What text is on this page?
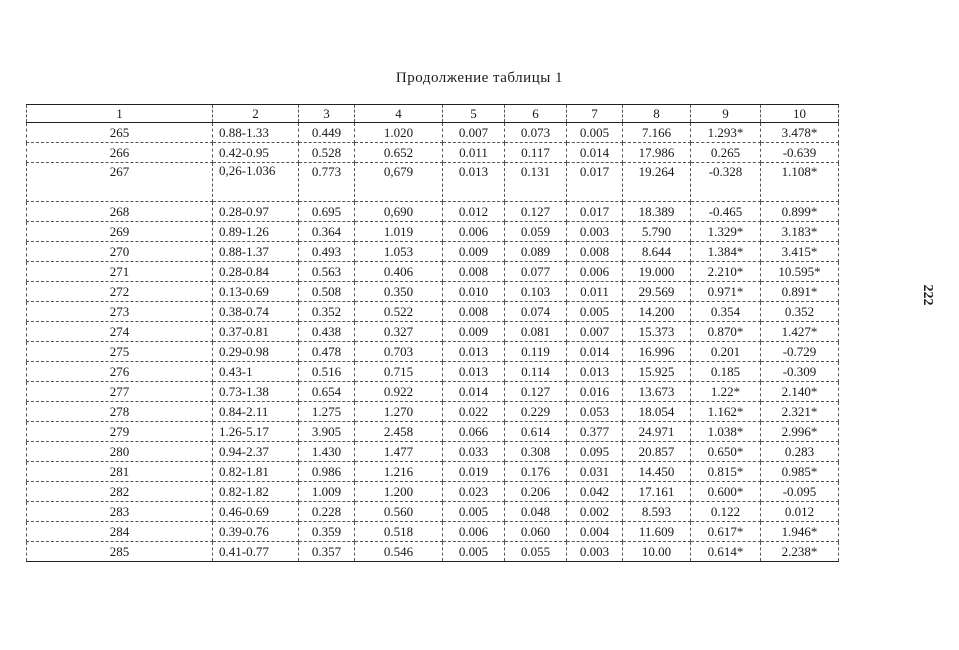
Продолжение таблицы 1
222
1	2	3	4	5	6	7	8	9	10
265	0.88-1.33	0.449	1.020	0.007	0.073	0.005	7.166	1.293*	3.478*
266	0.42-0.95	0.528	0.652	0.011	0.117	0.014	17.986	0.265	-0.639
267	0,26-1.036	0.773	0,679	0.013	0.131	0.017	19.264	-0.328	1.108*
268	0.28-0.97	0.695	0,690	0.012	0.127	0.017	18.389	-0.465	0.899*
269	0.89-1.26	0.364	1.019	0.006	0.059	0.003	5.790	1.329*	3.183*
270	0.88-1.37	0.493	1.053	0.009	0.089	0.008	8.644	1.384*	3.415*
271	0.28-0.84	0.563	0.406	0.008	0.077	0.006	19.000	2.210*	10.595*
272	0.13-0.69	0.508	0.350	0.010	0.103	0.011	29.569	0.971*	0.891*
273	0.38-0.74	0.352	0.522	0.008	0.074	0.005	14.200	0.354	0.352
274	0.37-0.81	0.438	0.327	0.009	0.081	0.007	15.373	0.870*	1.427*
275	0.29-0.98	0.478	0.703	0.013	0.119	0.014	16.996	0.201	-0.729
276	0.43-1	0.516	0.715	0.013	0.114	0.013	15.925	0.185	-0.309
277	0.73-1.38	0.654	0.922	0.014	0.127	0.016	13.673	1.22*	2.140*
278	0.84-2.11	1.275	1.270	0.022	0.229	0.053	18.054	1.162*	2.321*
279	1.26-5.17	3.905	2.458	0.066	0.614	0.377	24.971	1.038*	2.996*
280	0.94-2.37	1.430	1.477	0.033	0.308	0.095	20.857	0.650*	0.283
281	0.82-1.81	0.986	1.216	0.019	0.176	0.031	14.450	0.815*	0.985*
282	0.82-1.82	1.009	1.200	0.023	0.206	0.042	17.161	0.600*	-0.095
283	0.46-0.69	0.228	0.560	0.005	0.048	0.002	8.593	0.122	0.012
284	0.39-0.76	0.359	0.518	0.006	0.060	0.004	11.609	0.617*	1.946*
285	0.41-0.77	0.357	0.546	0.005	0.055	0.003	10.00	0.614*	2.238*
